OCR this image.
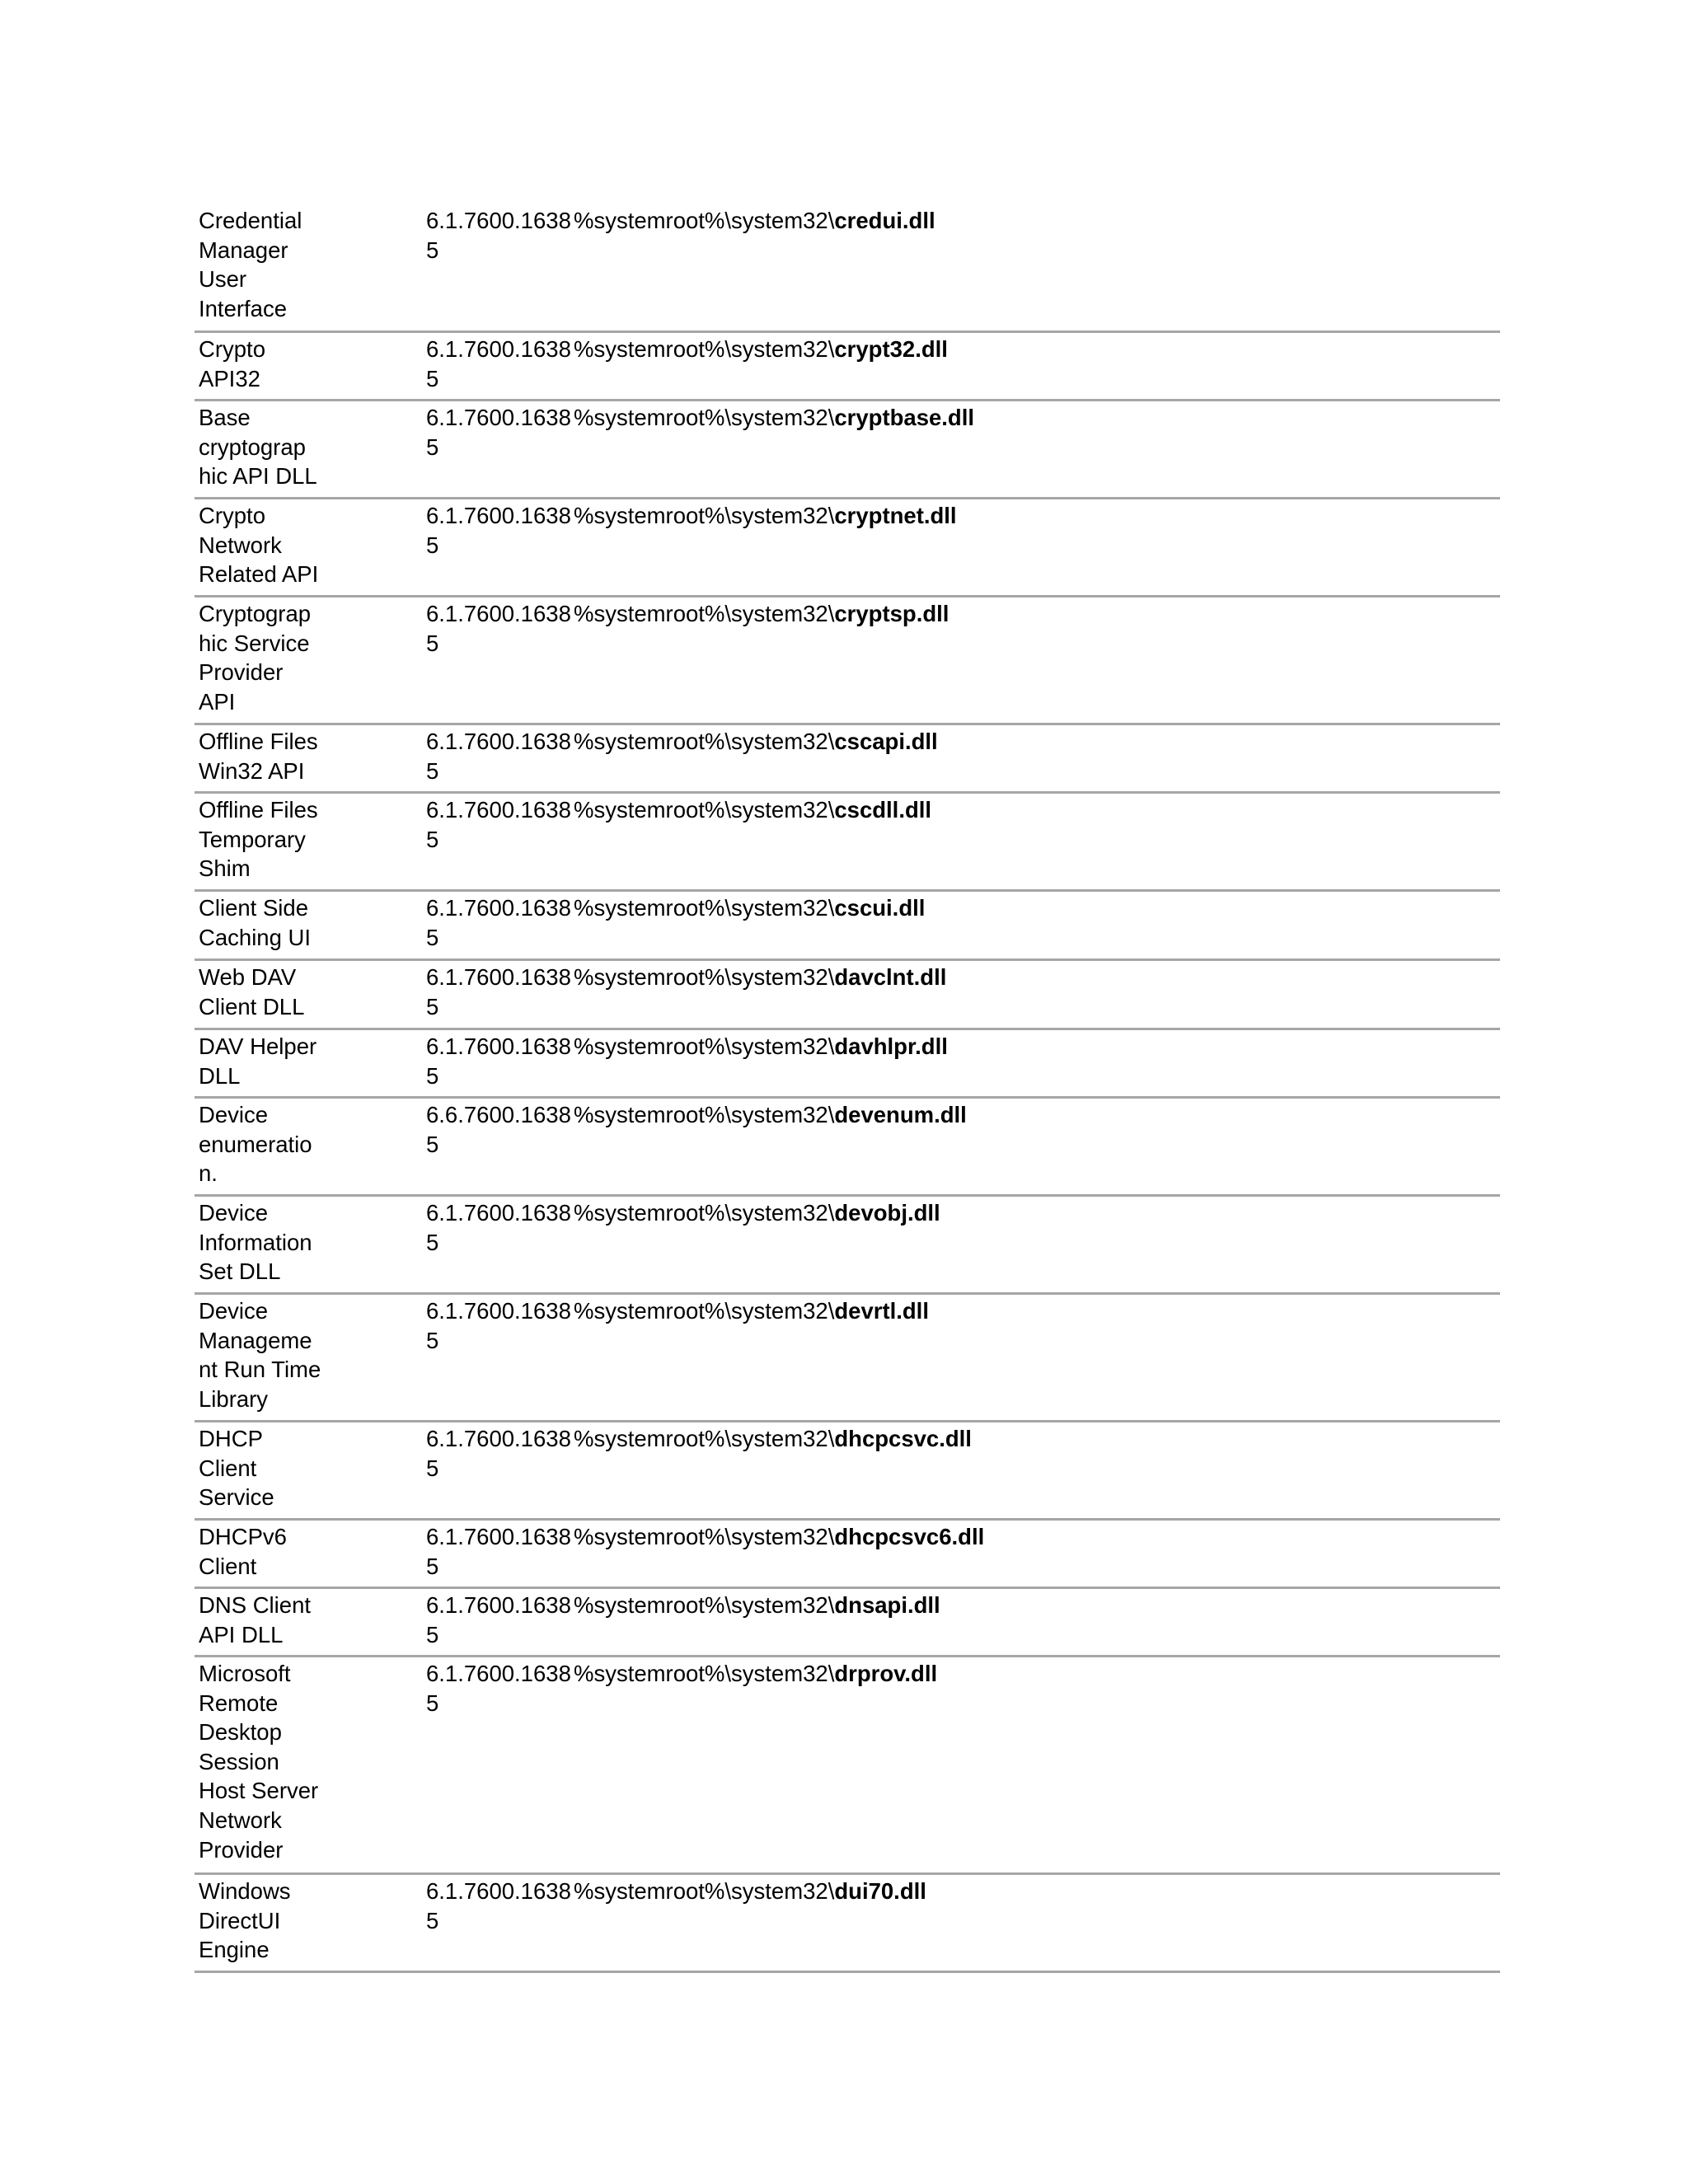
Credential
Manager
User
Interface
6.1.7600.1638
5
%systemroot%\system32\credui.dll
Crypto
API32
6.1.7600.1638
5
%systemroot%\system32\crypt32.dll
Base
cryptograp
hic API DLL
6.1.7600.1638
5
%systemroot%\system32\cryptbase.dll
Crypto
Network
Related API
6.1.7600.1638
5
%systemroot%\system32\cryptnet.dll
Cryptograp
hic Service
Provider
API
6.1.7600.1638
5
%systemroot%\system32\cryptsp.dll
Offline Files
Win32 API
6.1.7600.1638
5
%systemroot%\system32\cscapi.dll
Offline Files
Temporary
Shim
6.1.7600.1638
5
%systemroot%\system32\cscdll.dll
Client Side
Caching UI
6.1.7600.1638
5
%systemroot%\system32\cscui.dll
Web DAV
Client DLL
6.1.7600.1638
5
%systemroot%\system32\davclnt.dll
DAV Helper
DLL
6.1.7600.1638
5
%systemroot%\system32\davhlpr.dll
Device
enumeratio
n.
6.6.7600.1638
5
%systemroot%\system32\devenum.dll
Device
Information
Set DLL
6.1.7600.1638
5
%systemroot%\system32\devobj.dll
Device
Manageme
nt Run Time
Library
6.1.7600.1638
5
%systemroot%\system32\devrtl.dll
DHCP
Client
Service
6.1.7600.1638
5
%systemroot%\system32\dhcpcsvc.dll
DHCPv6
Client
6.1.7600.1638
5
%systemroot%\system32\dhcpcsvc6.dll
DNS Client
API DLL
6.1.7600.1638
5
%systemroot%\system32\dnsapi.dll
Microsoft
Remote
Desktop
Session
Host Server
Network
Provider
6.1.7600.1638
5
%systemroot%\system32\drprov.dll
Windows
DirectUI
Engine
6.1.7600.1638
5
%systemroot%\system32\dui70.dll
